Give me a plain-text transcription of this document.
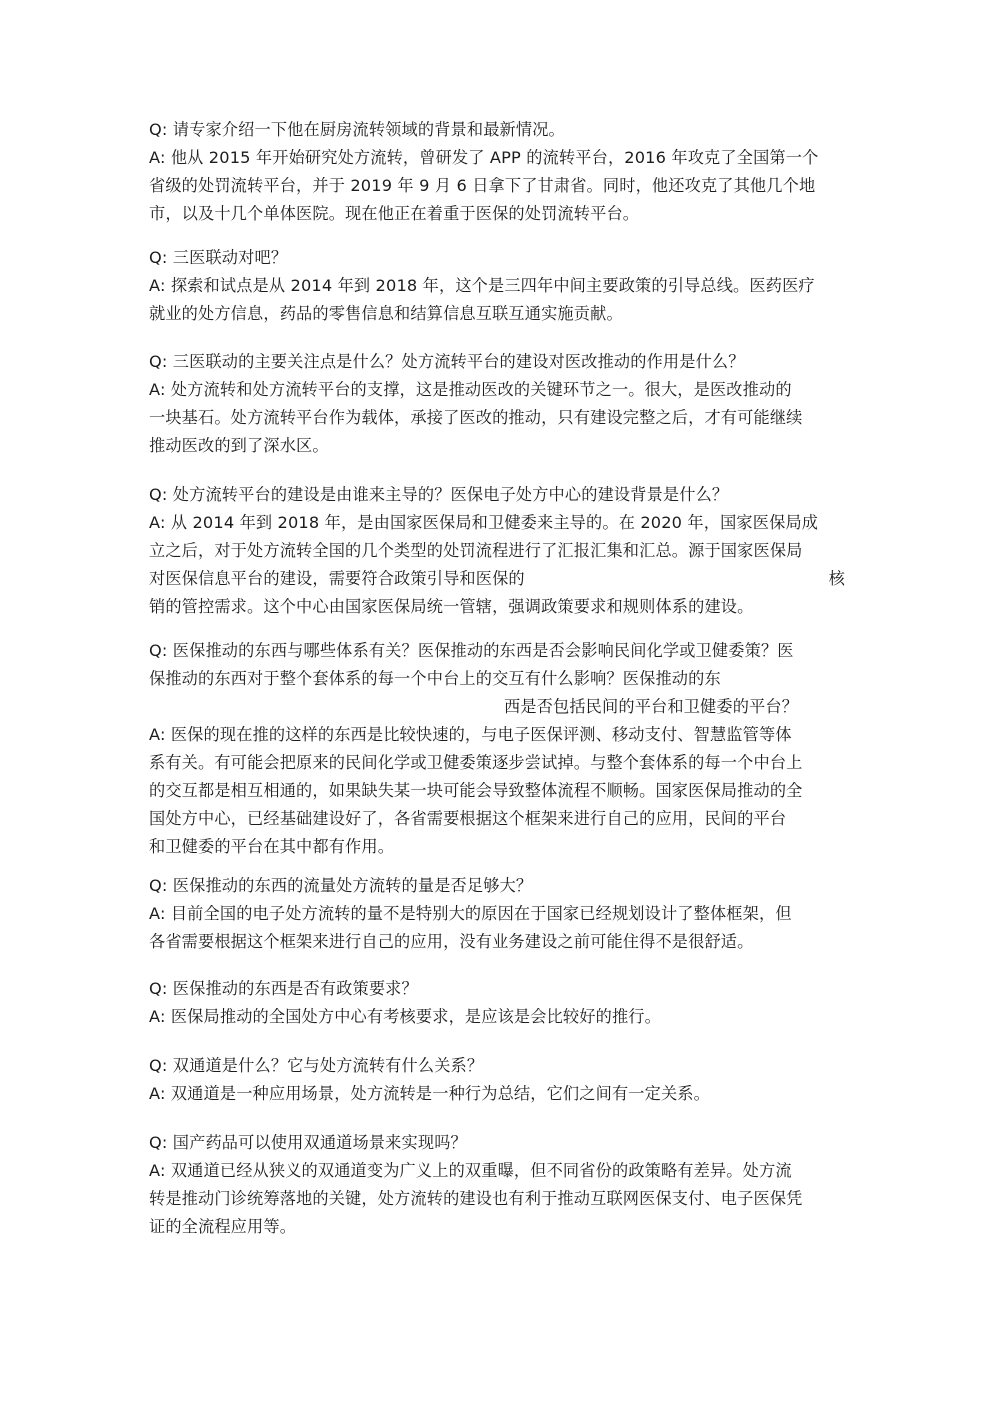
Q: 请专家介绍一下他在厨房流转领域的背景和最新情况。
A: 他从 2015 年开始研究处方流转，曾研发了 APP 的流转平台，2016 年攻克了全国第一个
省级的处罚流转平台，并于 2019 年 9 月 6 日拿下了甘肃省。同时，他还攻克了其他几个地
市，以及十几个单体医院。现在他正在着重于医保的处罚流转平台。
Q: 三医联动对吧？
A: 探索和试点是从 2014 年到 2018 年，这个是三四年中间主要政策的引导总线。医药医疗
就业的处方信息，药品的零售信息和结算信息互联互通实施贡献。
Q: 三医联动的主要关注点是什么？处方流转平台的建设对医改推动的作用是什么？
A: 处方流转和处方流转平台的支撑，这是推动医改的关键环节之一。很大，是医改推动的
一块基石。处方流转平台作为载体，承接了医改的推动，只有建设完整之后，才有可能继续
推动医改的到了深水区。
Q: 处方流转平台的建设是由谁来主导的？医保电子处方中心的建设背景是什么？
A: 从 2014 年到 2018 年，是由国家医保局和卫健委来主导的。在 2020 年，国家医保局成
立之后，对于处方流转全国的几个类型的处罚流程进行了汇报汇集和汇总。源于国家医保局
对医保信息平台的建设，需要符合政策引导和医保的	核
销的管控需求。这个中心由国家医保局统一管辖，强调政策要求和规则体系的建设。
Q: 医保推动的东西与哪些体系有关？医保推动的东西是否会影响民间化学或卫健委策？医
保推动的东西对于整个套体系的每一个中台上的交互有什么影响？医保推动的东
西是否包括民间的平台和卫健委的平台？
A: 医保的现在推的这样的东西是比较快速的，与电子医保评测、移动支付、智慧监管等体
系有关。有可能会把原来的民间化学或卫健委策逐步尝试掉。与整个套体系的每一个中台上
的交互都是相互相通的，如果缺失某一块可能会导致整体流程不顺畅。国家医保局推动的全
国处方中心，已经基础建设好了，各省需要根据这个框架来进行自己的应用，民间的平台
和卫健委的平台在其中都有作用。
Q: 医保推动的东西的流量处方流转的量是否足够大？
A: 目前全国的电子处方流转的量不是特别大的原因在于国家已经规划设计了整体框架，但
各省需要根据这个框架来进行自己的应用，没有业务建设之前可能住得不是很舒适。
Q: 医保推动的东西是否有政策要求？
A: 医保局推动的全国处方中心有考核要求，是应该是会比较好的推行。
Q: 双通道是什么？它与处方流转有什么关系？
A: 双通道是一种应用场景，处方流转是一种行为总结，它们之间有一定关系。
Q: 国产药品可以使用双通道场景来实现吗？
A: 双通道已经从狭义的双通道变为广义上的双重曝，但不同省份的政策略有差异。处方流
转是推动门诊统筹落地的关键，处方流转的建设也有利于推动互联网医保支付、电子医保凭
证的全流程应用等。
